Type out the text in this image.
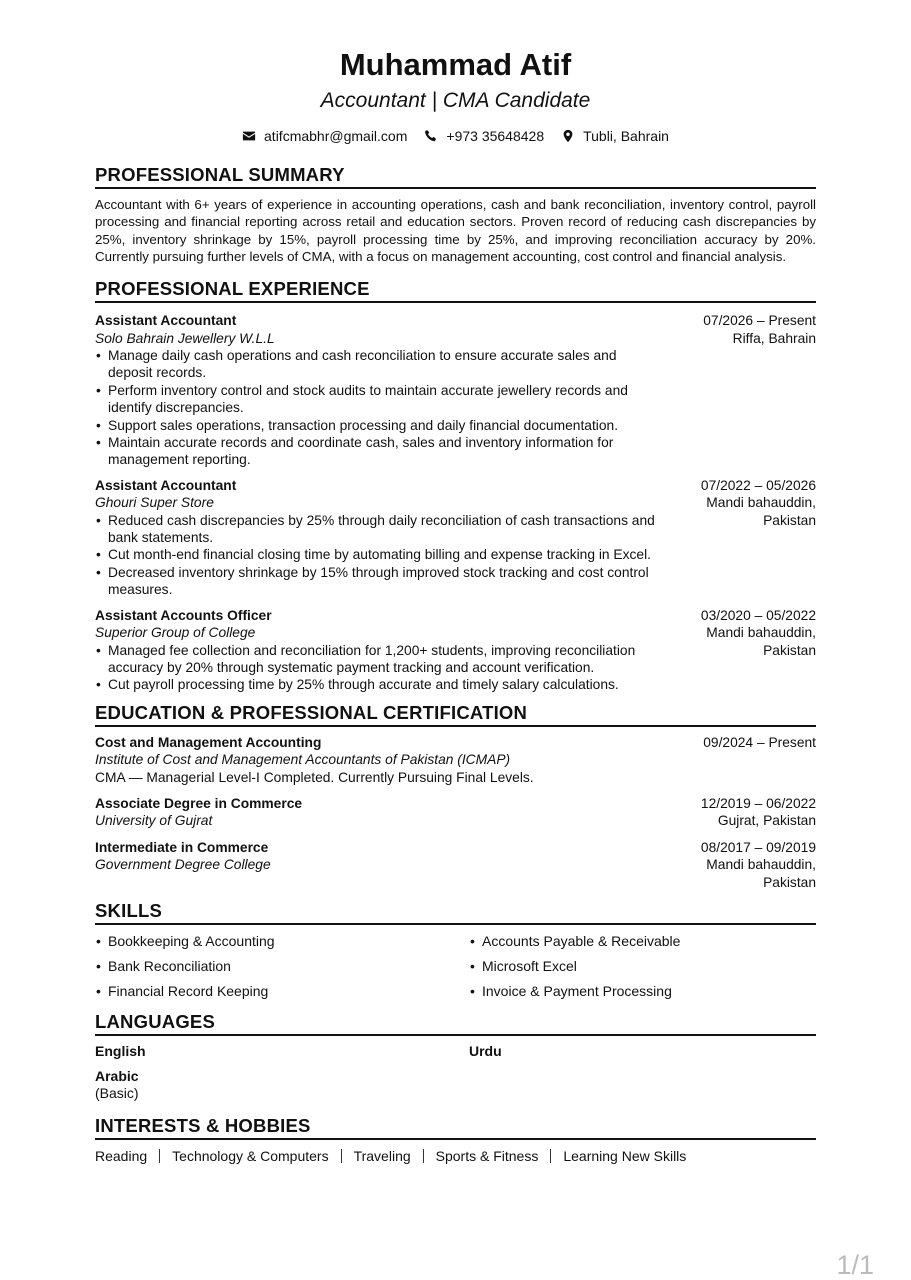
Muhammad Atif
Accountant | CMA Candidate
atifcmabhr@gmail.com	+973 35648428	Tubli, Bahrain
PROFESSIONAL SUMMARY
Accountant with 6+ years of experience in accounting operations, cash and bank reconciliation, inventory control, payroll processing and financial reporting across retail and education sectors. Proven record of reducing cash discrepancies by 25%, inventory shrinkage by 15%, payroll processing time by 25%, and improving reconciliation accuracy by 20%. Currently pursuing further levels of CMA, with a focus on management accounting, cost control and financial analysis.
PROFESSIONAL EXPERIENCE
Assistant Accountant
Solo Bahrain Jewellery W.L.L
• Manage daily cash operations and cash reconciliation to ensure accurate sales and deposit records.
• Perform inventory control and stock audits to maintain accurate jewellery records and identify discrepancies.
• Support sales operations, transaction processing and daily financial documentation.
• Maintain accurate records and coordinate cash, sales and inventory information for management reporting.
07/2026 – Present
Riffa, Bahrain
Assistant Accountant
Ghouri Super Store
• Reduced cash discrepancies by 25% through daily reconciliation of cash transactions and bank statements.
• Cut month-end financial closing time by automating billing and expense tracking in Excel.
• Decreased inventory shrinkage by 15% through improved stock tracking and cost control measures.
07/2022 – 05/2026
Mandi bahauddin, Pakistan
Assistant Accounts Officer
Superior Group of College
• Managed fee collection and reconciliation for 1,200+ students, improving reconciliation accuracy by 20% through systematic payment tracking and account verification.
• Cut payroll processing time by 25% through accurate and timely salary calculations.
03/2020 – 05/2022
Mandi bahauddin, Pakistan
EDUCATION & PROFESSIONAL CERTIFICATION
Cost and Management Accounting
Institute of Cost and Management Accountants of Pakistan (ICMAP)
CMA — Managerial Level-I Completed. Currently Pursuing Final Levels.
09/2024 – Present
Associate Degree in Commerce
University of Gujrat
12/2019 – 06/2022
Gujrat, Pakistan
Intermediate in Commerce
Government Degree College
08/2017 – 09/2019
Mandi bahauddin, Pakistan
SKILLS
• Bookkeeping & Accounting	• Accounts Payable & Receivable
• Bank Reconciliation	• Microsoft Excel
• Financial Record Keeping	• Invoice & Payment Processing
LANGUAGES
English	Urdu
Arabic
(Basic)
INTERESTS & HOBBIES
Reading Technology & Computers Traveling Sports & Fitness Learning New Skills
1/1
